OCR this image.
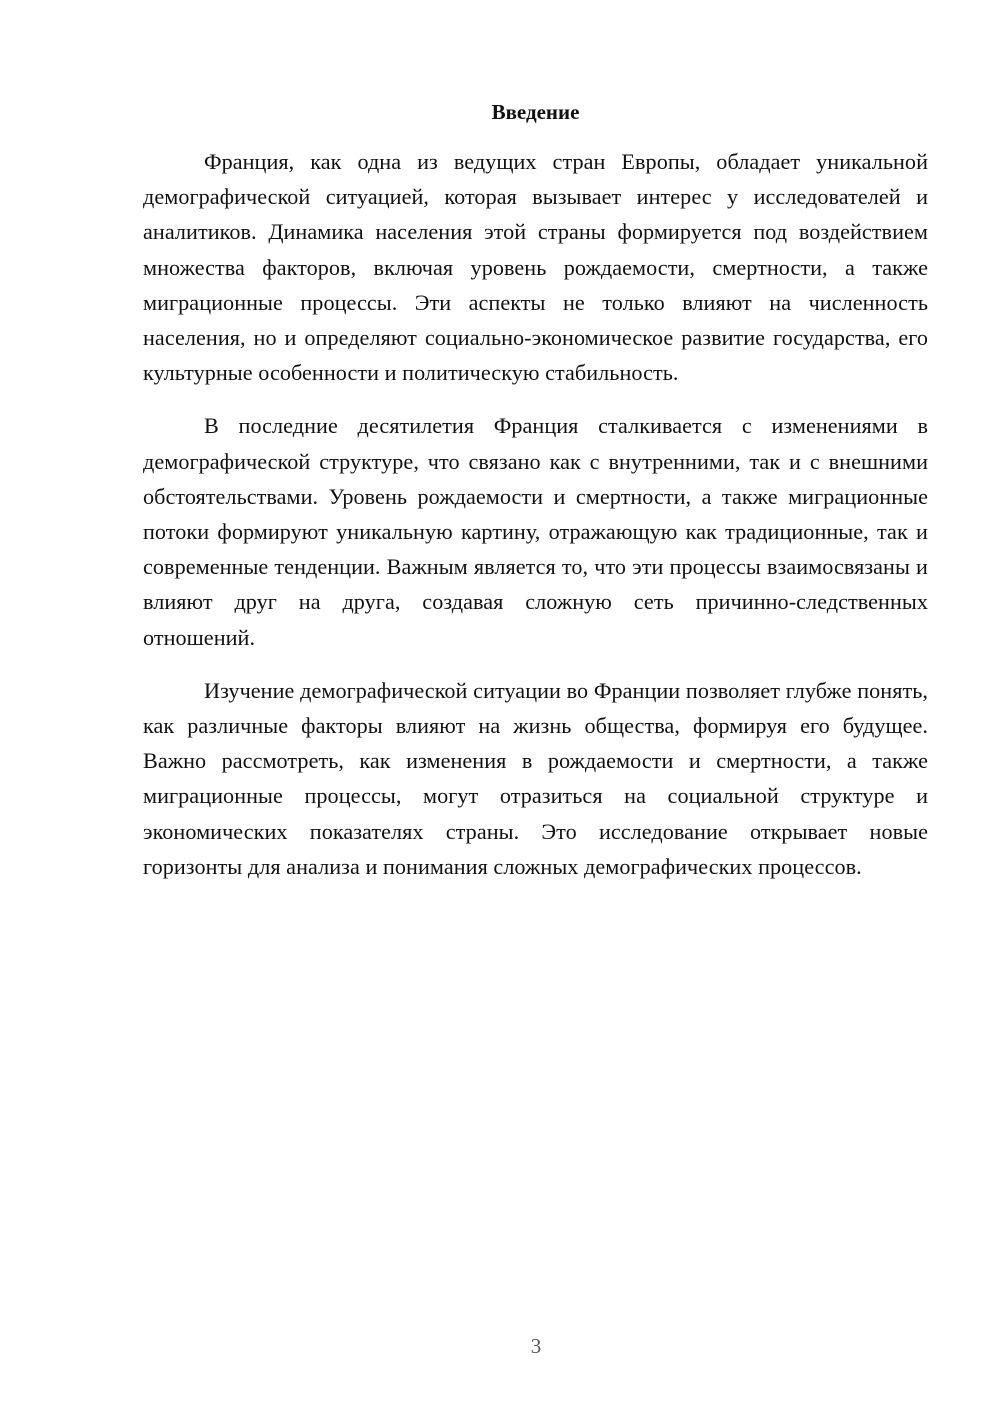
Введение

Франция, как одна из ведущих стран Европы, обладает уникальной демографической ситуацией, которая вызывает интерес у исследователей и аналитиков. Динамика населения этой страны формируется под воздействием множества факторов, включая уровень рождаемости, смертности, а также миграционные процессы. Эти аспекты не только влияют на численность населения, но и определяют социально-экономическое развитие государства, его культурные особенности и политическую стабильность.

В последние десятилетия Франция сталкивается с изменениями в демографической структуре, что связано как с внутренними, так и с внешними обстоятельствами. Уровень рождаемости и смертности, а также миграционные потоки формируют уникальную картину, отражающую как традиционные, так и современные тенденции. Важным является то, что эти процессы взаимосвязаны и влияют друг на друга, создавая сложную сеть причинно-следственных отношений.

Изучение демографической ситуации во Франции позволяет глубже понять, как различные факторы влияют на жизнь общества, формируя его будущее. Важно рассмотреть, как изменения в рождаемости и смертности, а также миграционные процессы, могут отразиться на социальной структуре и экономических показателях страны. Это исследование открывает новые горизонты для анализа и понимания сложных демографических процессов.

3
